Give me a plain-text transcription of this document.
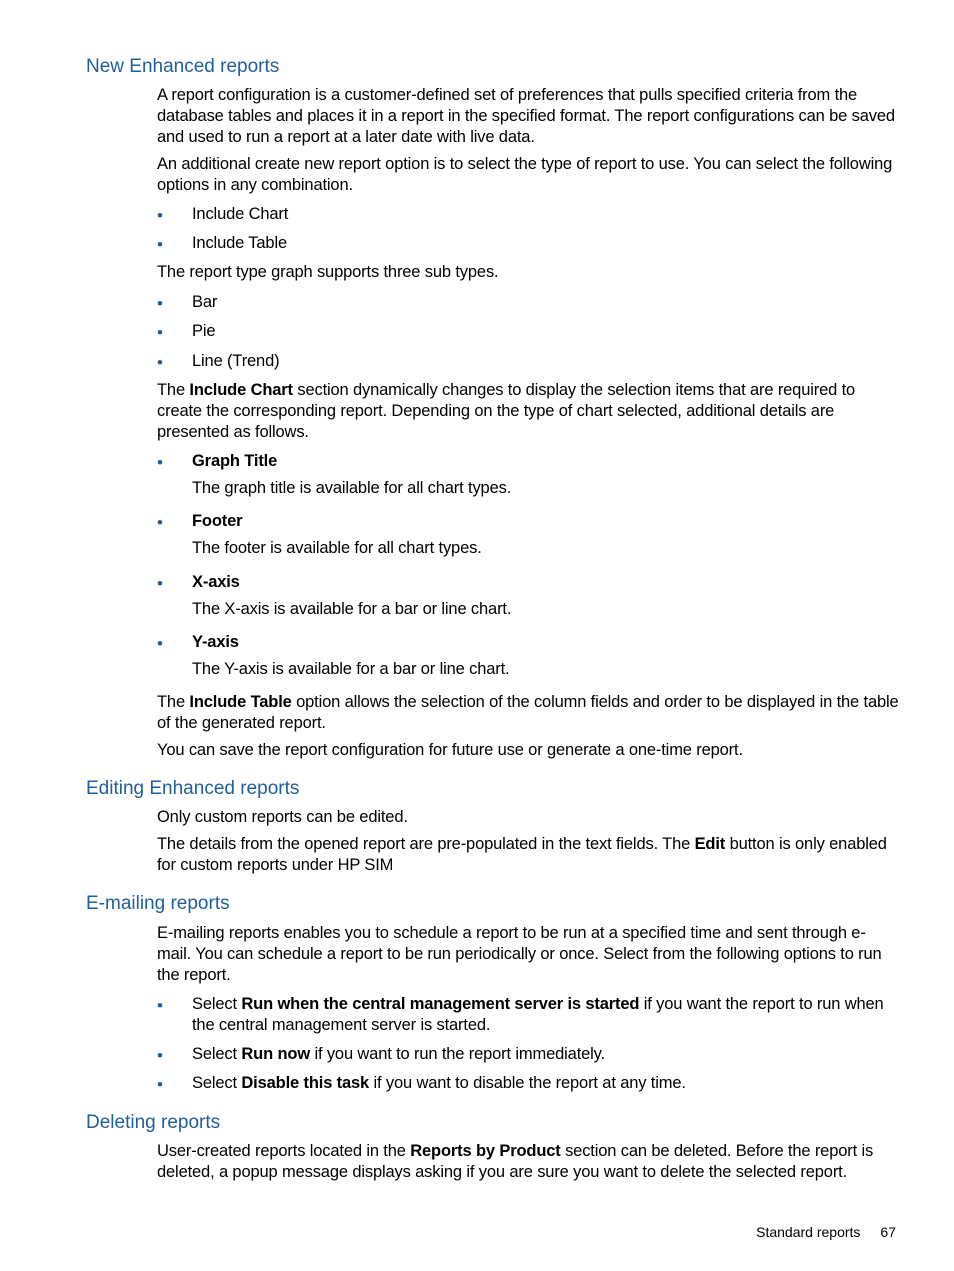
New Enhanced reports

A report configuration is a customer-defined set of preferences that pulls specified criteria from the database tables and places it in a report in the specified format. The report configurations can be saved and used to run a report at a later date with live data.

An additional create new report option is to select the type of report to use. You can select the following options in any combination.

•	Include Chart

•	Include Table

The report type graph supports three sub types.

•	Bar

•	Pie

•	Line (Trend)

The Include Chart section dynamically changes to display the selection items that are required to create the corresponding report. Depending on the type of chart selected, additional details are presented as follows.

•	Graph Title

The graph title is available for all chart types.

•	Footer

The footer is available for all chart types.

•	X-axis

The X-axis is available for a bar or line chart.

•	Y-axis

The Y-axis is available for a bar or line chart.

The Include Table option allows the selection of the column fields and order to be displayed in the table of the generated report.

You can save the report configuration for future use or generate a one-time report.

Editing Enhanced reports

Only custom reports can be edited.

The details from the opened report are pre-populated in the text fields. The Edit button is only enabled for custom reports under HP SIM

E-mailing reports

E-mailing reports enables you to schedule a report to be run at a specified time and sent through e-mail. You can schedule a report to be run periodically or once. Select from the following options to run the report.

•	Select Run when the central management server is started if you want the report to run when the central management server is started.

•	Select Run now if you want to run the report immediately.

•	Select Disable this task if you want to disable the report at any time.

Deleting reports

User-created reports located in the Reports by Product section can be deleted. Before the report is deleted, a popup message displays asking if you are sure you want to delete the selected report.

Standard reports 67
